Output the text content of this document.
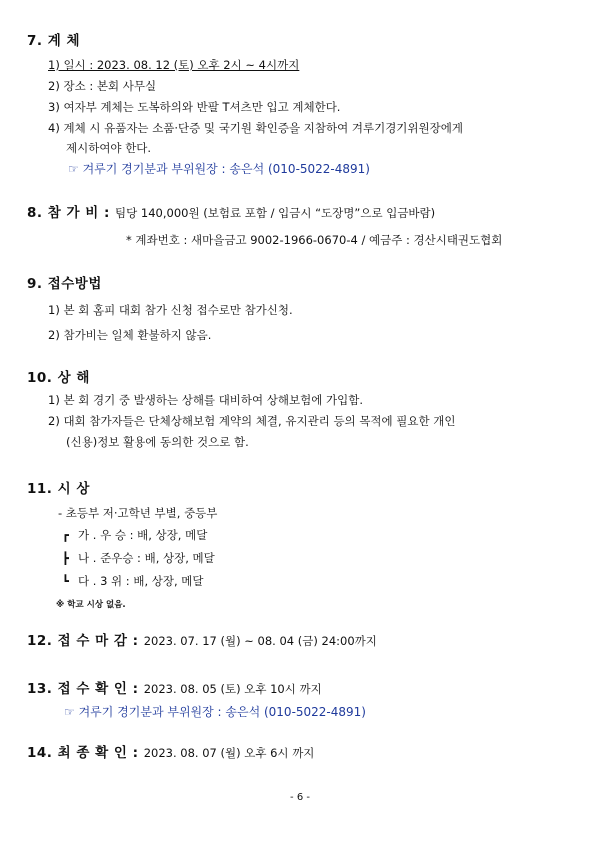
7. 계 체
1) 일시 : 2023. 08. 12 (토) 오후 2시 ~ 4시까지
2) 장소 : 본회 사무실
3) 여자부 계체는 도복하의와 반팔 T셔츠만 입고 계체한다.
4) 계체 시 유품자는 소품·단증 및 국기원 확인증을 지참하여 겨루기경기위원장에게
제시하여야 한다.
☞ 겨루기 경기분과 부위원장 : 송은석 (010-5022-4891)
8. 참 가 비 : 팀당 140,000원 (보험료 포함 / 입금시 “도장명”으로 입금바람)
* 계좌번호 : 새마을금고 9002-1966-0670-4 / 예금주 : 경산시태권도협회
9. 접수방법
1) 본 회 홈피 대회 참가 신청 접수로만 참가신청.
2) 참가비는 일체 환불하지 않음.
10. 상 해
1) 본 회 경기 중 발생하는 상해를 대비하여 상해보험에 가입함.
2) 대회 참가자들은 단체상해보험 계약의 체결, 유지관리 등의 목적에 필요한 개인
(신용)정보 활용에 동의한 것으로 함.
11. 시 상
- 초등부 저·고학년 부별, 중등부
┏ 가 . 우 승 : 배, 상장, 메달
┣ 나 . 준우승 : 배, 상장, 메달
┗ 다 . 3 위 : 배, 상장, 메달
※ 학교 시상 없음.
12. 접 수 마 감 : 2023. 07. 17 (월) ~ 08. 04 (금) 24:00까지
13. 접 수 확 인 : 2023. 08. 05 (토) 오후 10시 까지
☞ 겨루기 경기분과 부위원장 : 송은석 (010-5022-4891)
14. 최 종 확 인 : 2023. 08. 07 (월) 오후 6시 까지
- 6 -
